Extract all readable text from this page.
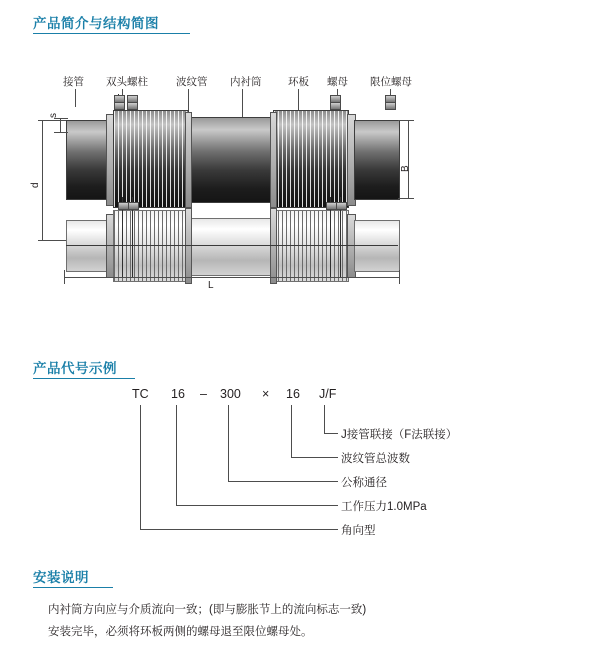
产品简介与结构简图
接管 双头螺柱	波纹管 内衬筒	环板 螺母 限位螺母
s
d
B
L
产品代号示例
TC 16 – 300 × 16 J/F
J接管联接（F法联接）
波纹管总波数
公称通径
工作压力1.0MPa
角向型
安装说明
内衬筒方向应与介质流向一致；(即与膨胀节上的流向标志一致)
安装完毕，必须将环板两侧的螺母退至限位螺母处。
